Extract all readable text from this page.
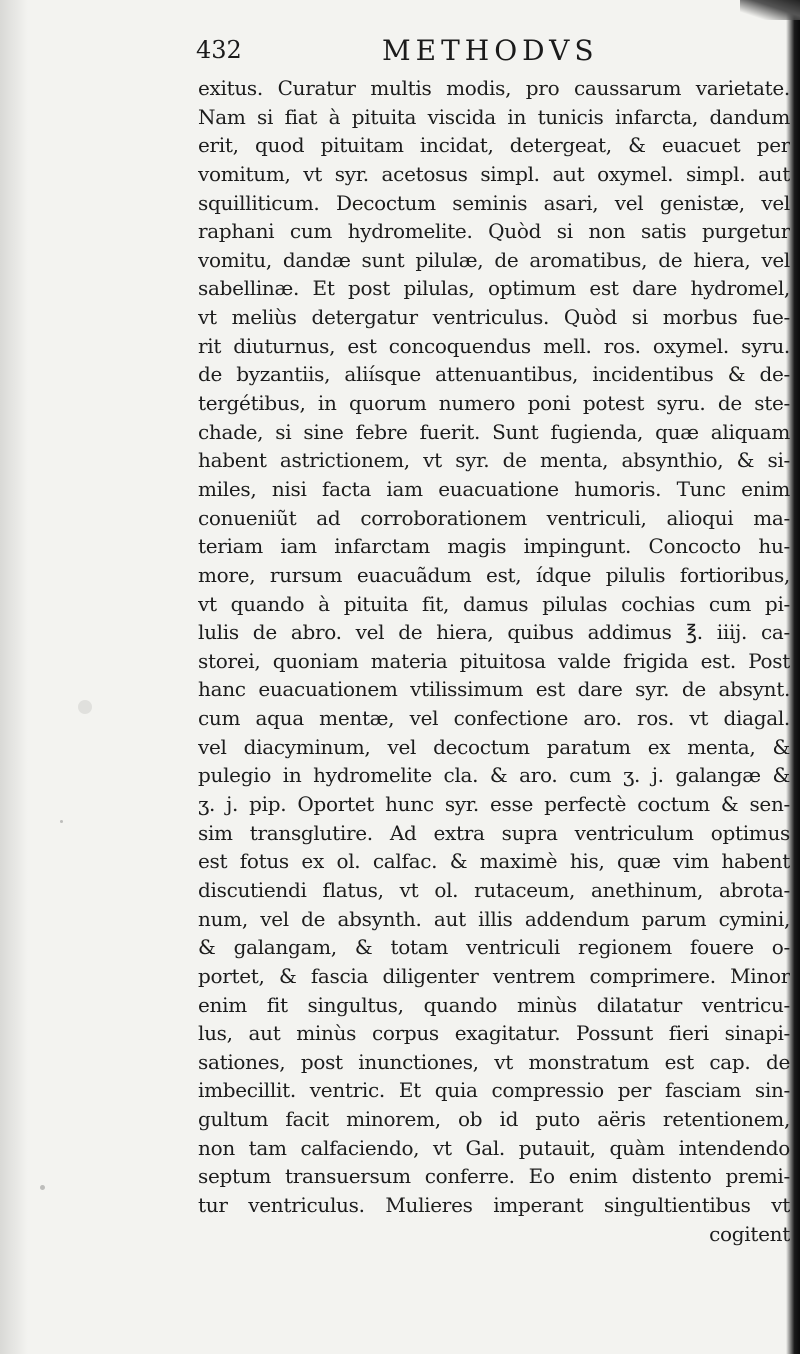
432	METHODVS
exitus. Curatur multis modis, pro caussarum varietate.
Nam si fiat à pituita viscida in tunicis infarcta, dandum
erit, quod pituitam incidat, detergeat, & euacuet per
vomitum, vt syr. acetosus simpl. aut oxymel. simpl. aut
squilliticum. Decoctum seminis asari, vel genistæ, vel
raphani cum hydromelite. Quòd si non satis purgetur
vomitu, dandæ sunt pilulæ, de aromatibus, de hiera, vel
sabellinæ. Et post pilulas, optimum est dare hydromel,
vt meliùs detergatur ventriculus. Quòd si morbus fue-
rit diuturnus, est concoquendus mell. ros. oxymel. syru.
de byzantiis, aliísque attenuantibus, incidentibus & de-
tergétibus, in quorum numero poni potest syru. de ste-
chade, si sine febre fuerit. Sunt fugienda, quæ aliquam
habent astrictionem, vt syr. de menta, absynthio, & si-
miles, nisi facta iam euacuatione humoris. Tunc enim
conueniũt ad corroborationem ventriculi, alioqui ma-
teriam iam infarctam magis impingunt. Concocto hu-
more, rursum euacuãdum est, ídque pilulis fortioribus,
vt quando à pituita fit, damus pilulas cochias cum pi-
lulis de abro. vel de hiera, quibus addimus ℥. iiij. ca-
storei, quoniam materia pituitosa valde frigida est. Post
hanc euacuationem vtilissimum est dare syr. de absynt.
cum aqua mentæ, vel confectione aro. ros. vt diagal.
vel diacyminum, vel decoctum paratum ex menta, &
pulegio in hydromelite cla. & aro. cum ʒ. j. galangæ &
ʒ. j. pip. Oportet hunc syr. esse perfectè coctum & sen-
sim transglutire. Ad extra supra ventriculum optimus
est fotus ex ol. calfac. & maximè his, quæ vim habent
discutiendi flatus, vt ol. rutaceum, anethinum, abrota-
num, vel de absynth. aut illis addendum parum cymini,
& galangam, & totam ventriculi regionem fouere o-
portet, & fascia diligenter ventrem comprimere. Minor
enim fit singultus, quando minùs dilatatur ventricu-
lus, aut minùs corpus exagitatur. Possunt fieri sinapi-
sationes, post inunctiones, vt monstratum est cap. de
imbecillit. ventric. Et quia compressio per fasciam sin-
gultum facit minorem, ob id puto aëris retentionem,
non tam calfaciendo, vt Gal. putauit, quàm intendendo
septum transuersum conferre. Eo enim distento premi-
tur ventriculus. Mulieres imperant singultientibus vt
cogitent
